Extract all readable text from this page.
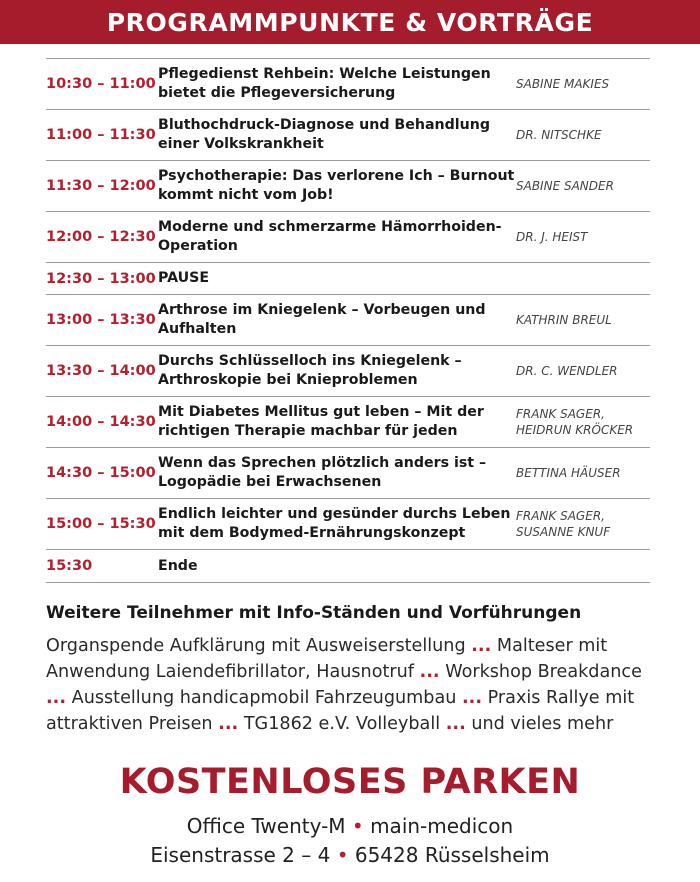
PROGRAMMPUNKTE & VORTRÄGE
10:30 – 11:00	Pflegedienst Rehbein: Welche Leistungen bietet die Pflegeversicherung	SABINE MAKIES
11:00 – 11:30	Bluthochdruck-Diagnose und Behandlung einer Volkskrankheit	DR. NITSCHKE
11:30 – 12:00	Psychotherapie: Das verlorene Ich – Burnout kommt nicht vom Job!	SABINE SANDER
12:00 – 12:30	Moderne und schmerzarme Hämorrhoiden-Operation	DR. J. HEIST
12:30 – 13:00	PAUSE	
13:00 – 13:30	Arthrose im Kniegelenk – Vorbeugen und Aufhalten	KATHRIN BREUL
13:30 – 14:00	Durchs Schlüsselloch ins Kniegelenk – Arthroskopie bei Knieproblemen	DR. C. WENDLER
14:00 – 14:30	Mit Diabetes Mellitus gut leben – Mit der richtigen Therapie machbar für jeden	FRANK SAGER, HEIDRUN KRÖCKER
14:30 – 15:00	Wenn das Sprechen plötzlich anders ist – Logopädie bei Erwachsenen	BETTINA HÄUSER
15:00 – 15:30	Endlich leichter und gesünder durchs Leben mit dem Bodymed-Ernährungskonzept	FRANK SAGER, SUSANNE KNUF
15:30	Ende	
Weitere Teilnehmer mit Info-Ständen und Vorführungen
Organspende Aufklärung mit Ausweiserstellung ... Malteser mit Anwendung Laiendefibrillator, Hausnotruf ... Workshop Breakdance ... Ausstellung handicapmobil Fahrzeugumbau ... Praxis Rallye mit attraktiven Preisen ... TG1862 e.V. Volleyball ... und vieles mehr
KOSTENLOSES PARKEN
Office Twenty-M • main-medicon
Eisenstrasse 2 – 4 • 65428 Rüsselsheim
